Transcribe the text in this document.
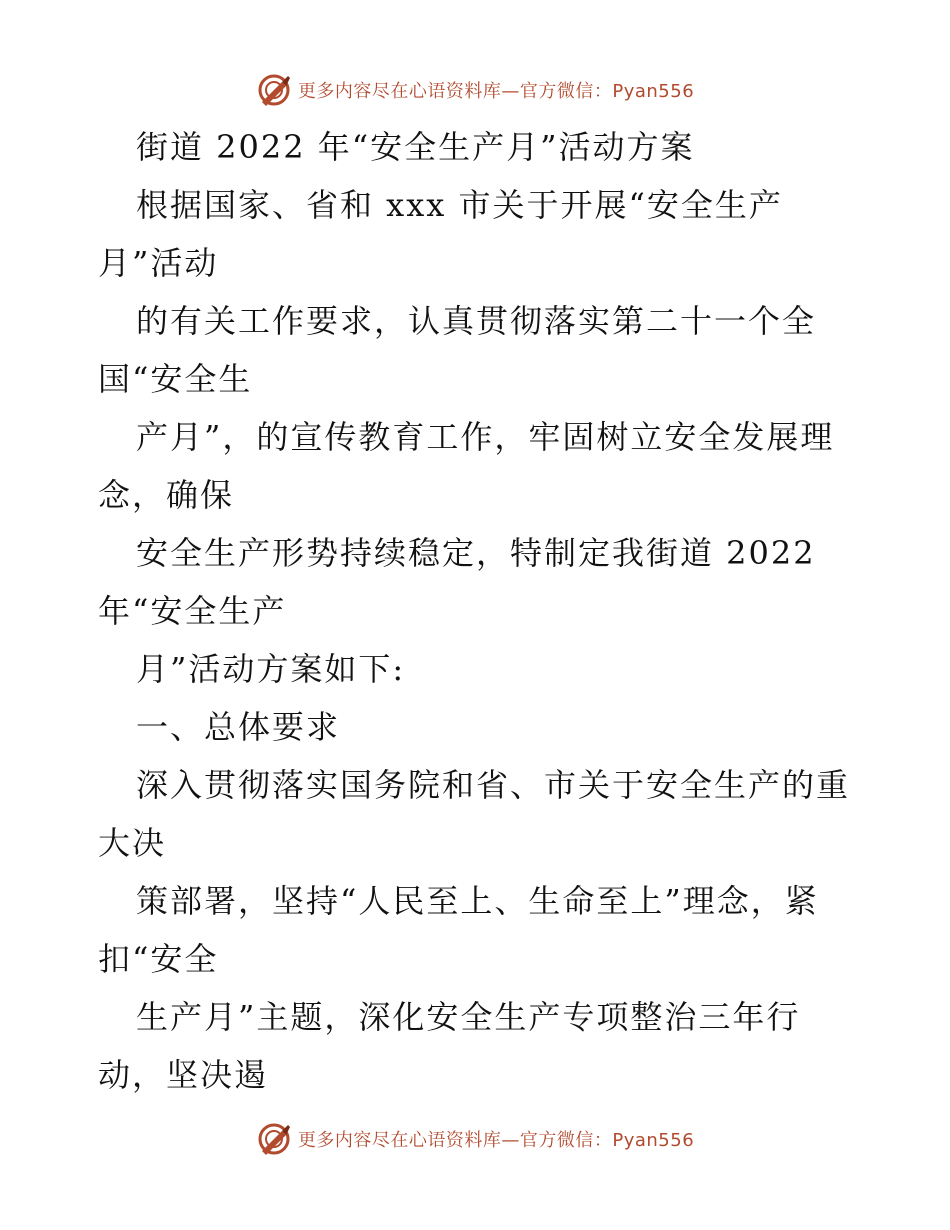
更多内容尽在心语资料库—官方微信：Pyan556
街道 2022 年“安全生产月”活动方案
根据国家、省和 xxx 市关于开展“安全生产
月”活动
的有关工作要求，认真贯彻落实第二十一个全
国“安全生
产月”，的宣传教育工作，牢固树立安全发展理
念，确保
安全生产形势持续稳定，特制定我街道 2022
年“安全生产
月”活动方案如下:
一、总体要求
深入贯彻落实国务院和省、市关于安全生产的重
大决
策部署，坚持“人民至上、生命至上”理念，紧
扣“安全
生产月”主题，深化安全生产专项整治三年行
动，坚决遏
更多内容尽在心语资料库—官方微信：Pyan556
